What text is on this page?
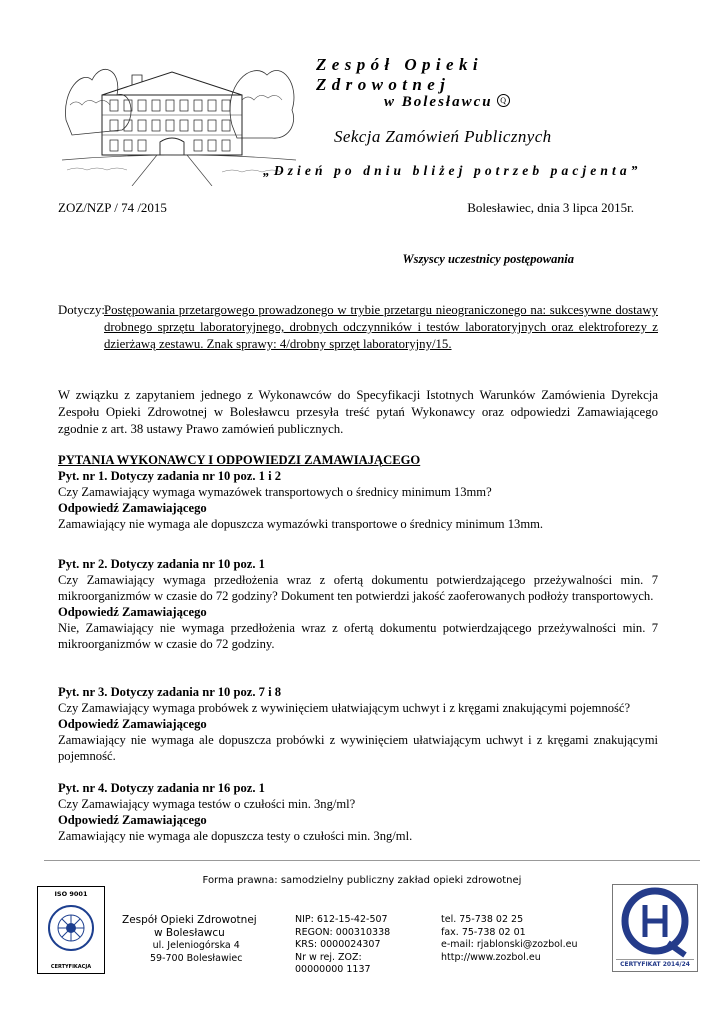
Zespół Opieki Zdrowotnej
w Bolesławcu Q
Sekcja Zamówień Publicznych
„Dzień po dniu bliżej potrzeb pacjenta”
ZOZ/NZP / 74 /2015	Bolesławiec, dnia 3 lipca 2015r.
Wszyscy uczestnicy postępowania
Dotyczy: Postępowania przetargowego prowadzonego w trybie przetargu nieograniczonego na: sukcesywne dostawy drobnego sprzętu laboratoryjnego, drobnych odczynników i testów laboratoryjnych oraz elektroforezy z dzierżawą zestawu. Znak sprawy: 4/drobny sprzęt laboratoryjny/15.
W związku z zapytaniem jednego z Wykonawców do Specyfikacji Istotnych Warunków Zamówienia Dyrekcja Zespołu Opieki Zdrowotnej w Bolesławcu przesyła treść pytań Wykonawcy oraz odpowiedzi Zamawiającego zgodnie z art. 38 ustawy Prawo zamówień publicznych.
PYTANIA WYKONAWCY I ODPOWIEDZI ZAMAWIAJĄCEGO
Pyt. nr 1. Dotyczy zadania nr 10 poz. 1 i 2
Czy Zamawiający wymaga wymazówek transportowych o średnicy minimum 13mm?
Odpowiedź Zamawiającego
Zamawiający nie wymaga ale dopuszcza wymazówki transportowe o średnicy minimum 13mm.
Pyt. nr 2. Dotyczy zadania nr 10 poz. 1
Czy Zamawiający wymaga przedłożenia wraz z ofertą dokumentu potwierdzającego przeżywalności min. 7 mikroorganizmów w czasie do 72 godziny? Dokument ten potwierdzi jakość zaoferowanych podłoży transportowych.
Odpowiedź Zamawiającego
Nie, Zamawiający nie wymaga przedłożenia wraz z ofertą dokumentu potwierdzającego przeżywalności min. 7 mikroorganizmów w czasie do 72 godziny.
Pyt. nr 3. Dotyczy zadania nr 10 poz. 7 i 8
Czy Zamawiający wymaga probówek z wywinięciem ułatwiającym uchwyt i z kręgami znakującymi pojemność?
Odpowiedź Zamawiającego
Zamawiający nie wymaga ale dopuszcza probówki z wywinięciem ułatwiającym uchwyt i z kręgami znakującymi pojemność.
Pyt. nr 4. Dotyczy zadania nr 16 poz. 1
Czy Zamawiający wymaga testów o czułości min. 3ng/ml?
Odpowiedź Zamawiającego
Zamawiający nie wymaga ale dopuszcza testy o czułości min. 3ng/ml.
Forma prawna: samodzielny publiczny zakład opieki zdrowotnej
ISO 9001
CERTYFIKACJA
Zespół Opieki Zdrowotnej
w Bolesławcu
ul. Jeleniogórska 4
59-700 Bolesławiec
NIP: 612-15-42-507
REGON: 000310338
KRS: 0000024307
Nr w rej. ZOZ:
00000000 1137
tel. 75-738 02 25
fax. 75-738 02 01
e-mail: rjablonski@zozbol.eu
http://www.zozbol.eu
CERTYFIKAT 2014/24
